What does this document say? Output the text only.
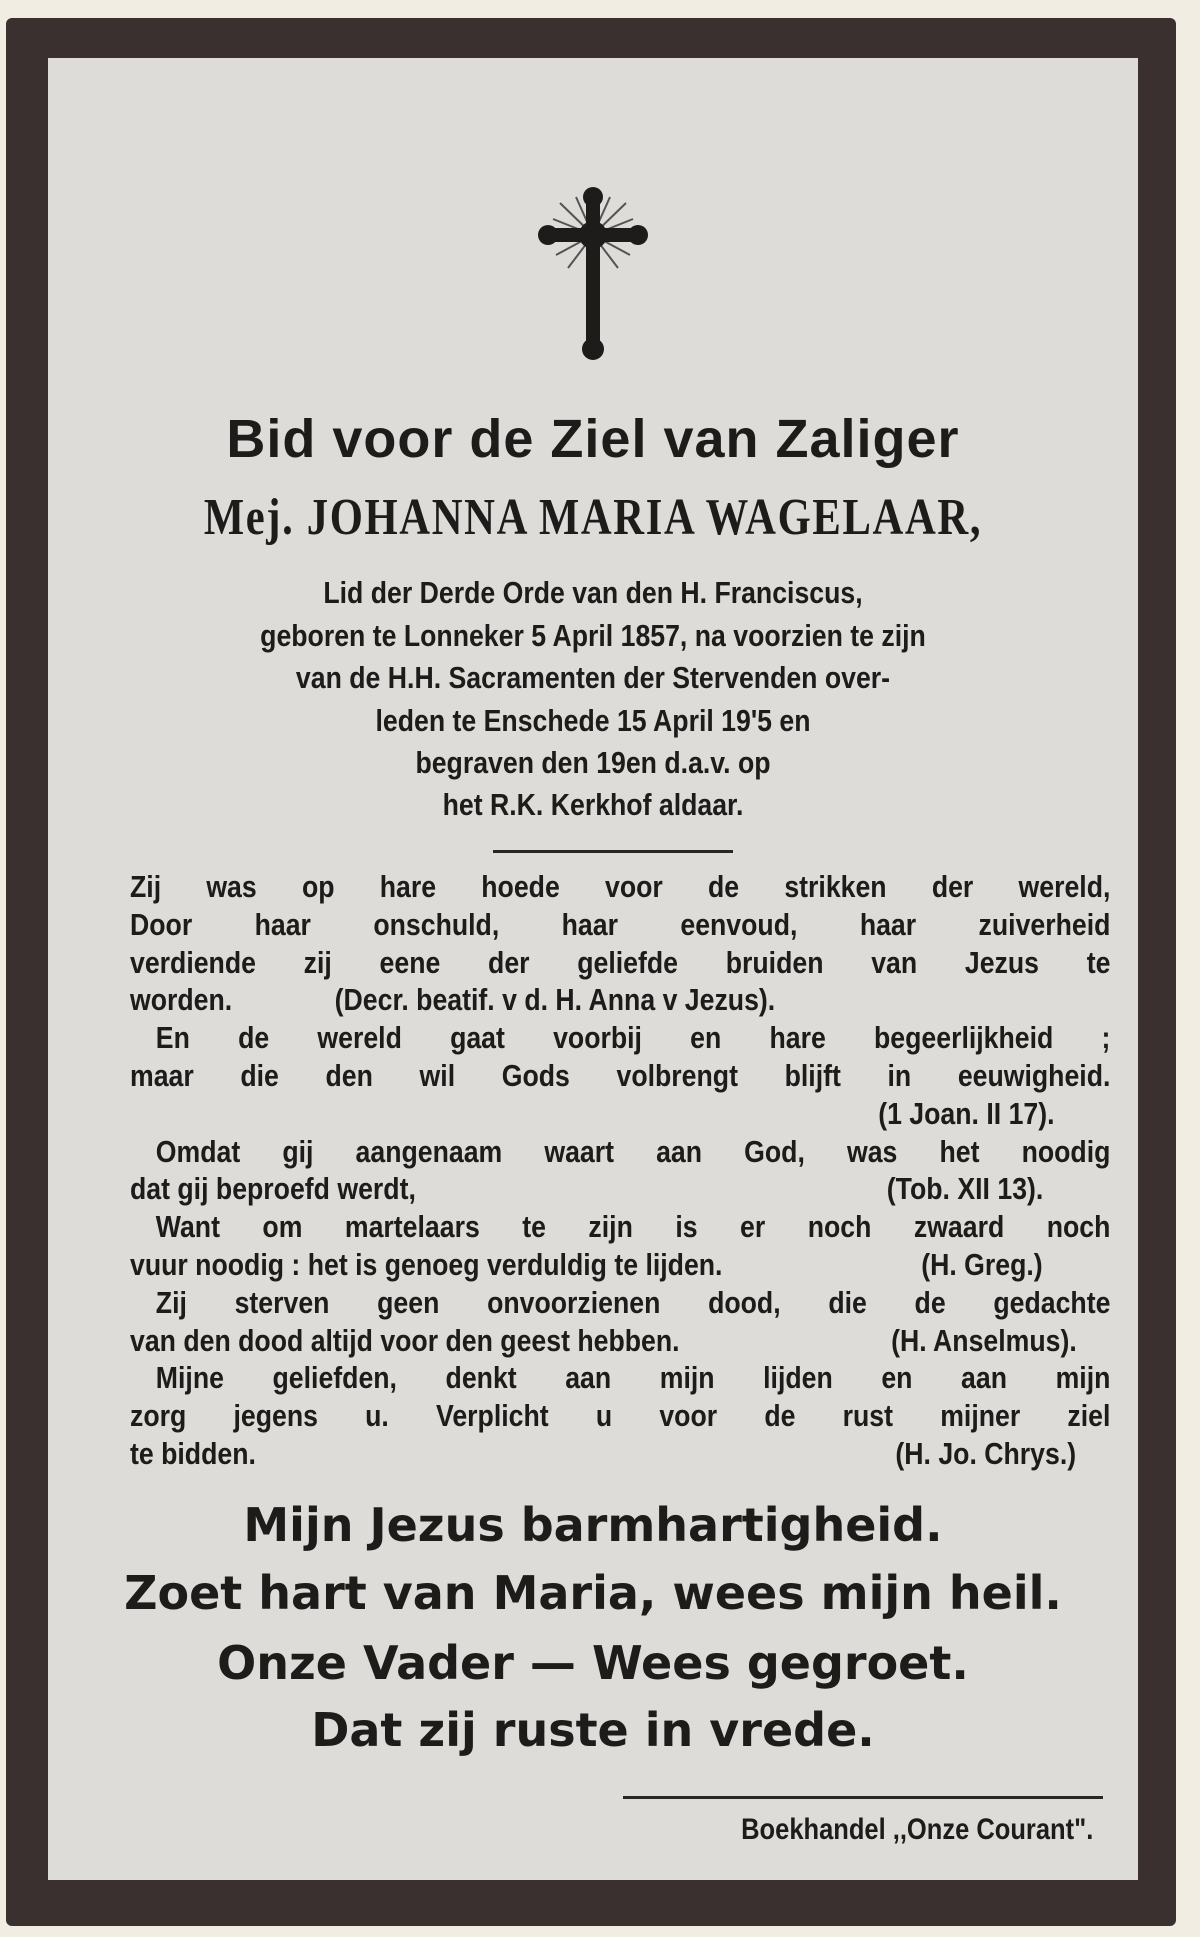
Bid voor de Ziel van Zaliger
Mej. JOHANNA MARIA WAGELAAR,
Lid der Derde Orde van den H. Franciscus,
geboren te Lonneker 5 April 1857, na voorzien te zijn
van de H.H. Sacramenten der Stervenden over-
leden te Enschede 15 April 19'5 en
begraven den 19en d.a.v. op
het R.K. Kerkhof aldaar.
Zij was op hare hoede voor de strikken der wereld,
Door haar onschuld, haar eenvoud, haar zuiverheid
verdiende zij eene der geliefde bruiden van Jezus te
worden.	(Decr. beatif. v d. H. Anna v Jezus).
En de wereld gaat voorbij en hare begeerlijkheid ;
maar die den wil Gods volbrengt blijft in eeuwigheid.
(1 Joan. II 17).
Omdat gij aangenaam waart aan God, was het noodig
dat gij beproefd werdt,	(Tob. XII 13).
Want om martelaars te zijn is er noch zwaard noch
vuur noodig : het is genoeg verduldig te lijden.	(H. Greg.)
Zij sterven geen onvoorzienen dood, die de gedachte
van den dood altijd voor den geest hebben.	(H. Anselmus).
Mijne geliefden, denkt aan mijn lijden en aan mijn
zorg jegens u. Verplicht u voor de rust mijner ziel
te bidden.	(H. Jo. Chrys.)
Mijn Jezus barmhartigheid.
Zoet hart van Maria, wees mijn heil.
Onze Vader — Wees gegroet.
Dat zij ruste in vrede.
Boekhandel ,,Onze Courant".
